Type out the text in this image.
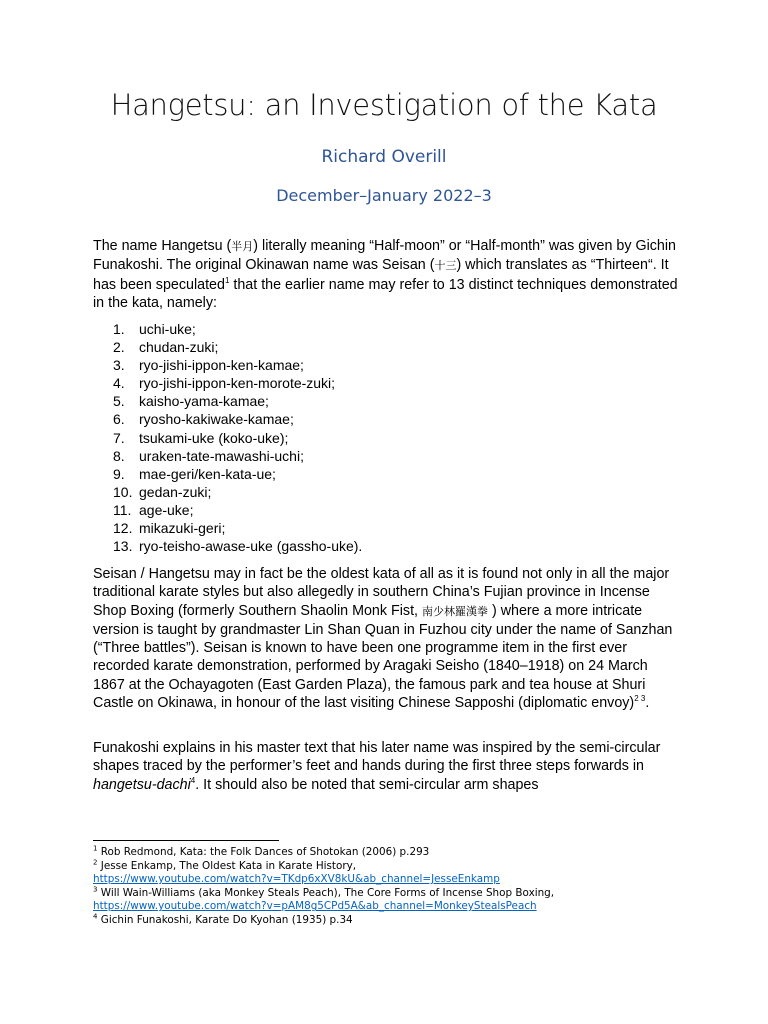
Hangetsu: an Investigation of the Kata
Richard Overill
December–January 2022–3
The name Hangetsu (半月) literally meaning “Half-moon” or “Half-month” was given by Gichin Funakoshi. The original Okinawan name was Seisan (十三) which translates as “Thirteen“. It has been speculated$^1$ that the earlier name may refer to 13 distinct techniques demonstrated in the kata, namely:
1. uchi-uke;
2. chudan-zuki;
3. ryo-jishi-ippon-ken-kamae;
4. ryo-jishi-ippon-ken-morote-zuki;
5. kaisho-yama-kamae;
6. ryosho-kakiwake-kamae;
7. tsukami-uke (koko-uke);
8. uraken-tate-mawashi-uchi;
9. mae-geri/ken-kata-ue;
10. gedan-zuki;
11. age-uke;
12. mikazuki-geri;
13. ryo-teisho-awase-uke (gassho-uke).
Seisan / Hangetsu may in fact be the oldest kata of all as it is found not only in all the major traditional karate styles but also allegedly in southern China’s Fujian province in Incense Shop Boxing (formerly Southern Shaolin Monk Fist, 南少林羅漢拳 ) where a more intricate version is taught by grandmaster Lin Shan Quan in Fuzhou city under the name of Sanzhan (“Three battles”). Seisan is known to have been one programme item in the first ever recorded karate demonstration, performed by Aragaki Seisho (1840–1918) on 24 March 1867 at the Ochayagoten (East Garden Plaza), the famous park and tea house at Shuri Castle on Okinawa, in honour of the last visiting Chinese Sapposhi (diplomatic envoy)$^2$ $^3$.
Funakoshi explains in his master text that his later name was inspired by the semi-circular shapes traced by the performer’s feet and hands during the first three steps forwards in hangetsu-dachi$^4$. It should also be noted that semi-circular arm shapes
$^1$ Rob Redmond, Kata: the Folk Dances of Shotokan (2006) p.293
$^2$ Jesse Enkamp, The Oldest Kata in Karate History,
https://www.youtube.com/watch?v=TKdp6xXV8kU&ab_channel=JesseEnkamp
$^3$ Will Wain-Williams (aka Monkey Steals Peach), The Core Forms of Incense Shop Boxing,
https://www.youtube.com/watch?v=pAM8g5CPd5A&ab_channel=MonkeyStealsPeach
$^4$ Gichin Funakoshi, Karate Do Kyohan (1935) p.34
